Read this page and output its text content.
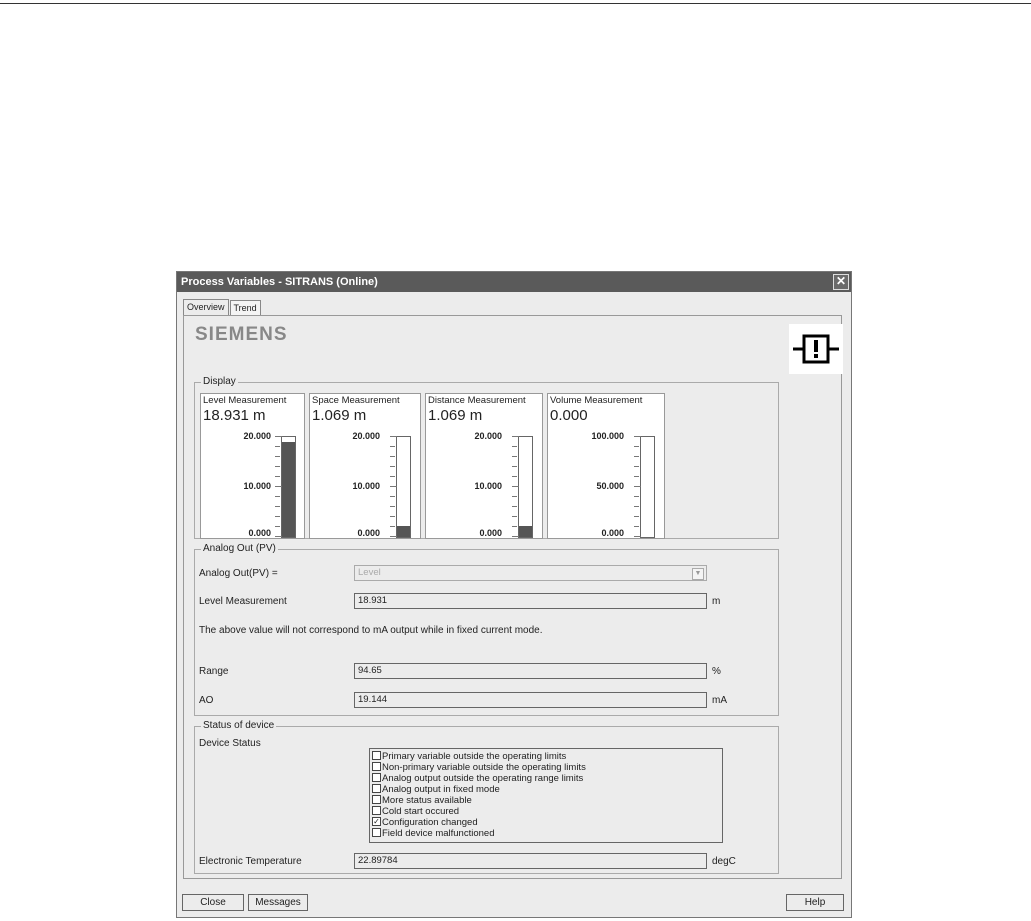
Process Variables - SITRANS (Online)	✕
Overview Trend
SIEMENS
Display
Level Measurement
18.931 m
20.000
10.000
0.000
Space Measurement
1.069 m
20.000
10.000
0.000
Distance Measurement
1.069 m
20.000
10.000
0.000
Volume Measurement
0.000
100.000
50.000
0.000
Analog Out (PV)
Analog Out(PV) =	Level	▼
Level Measurement	18.931	m
The above value will not correspond to mA output while in fixed current mode.
Range	94.65	%
AO	19.144	mA
Status of device
Device Status
Primary variable outside the operating limits
Non-primary variable outside the operating limits
Analog output outside the operating range limits
Analog output in fixed mode
More status available
Cold start occured
✓ Configuration changed
Field device malfunctioned
Electronic Temperature	22.89784	degC
Close	Messages	Help
